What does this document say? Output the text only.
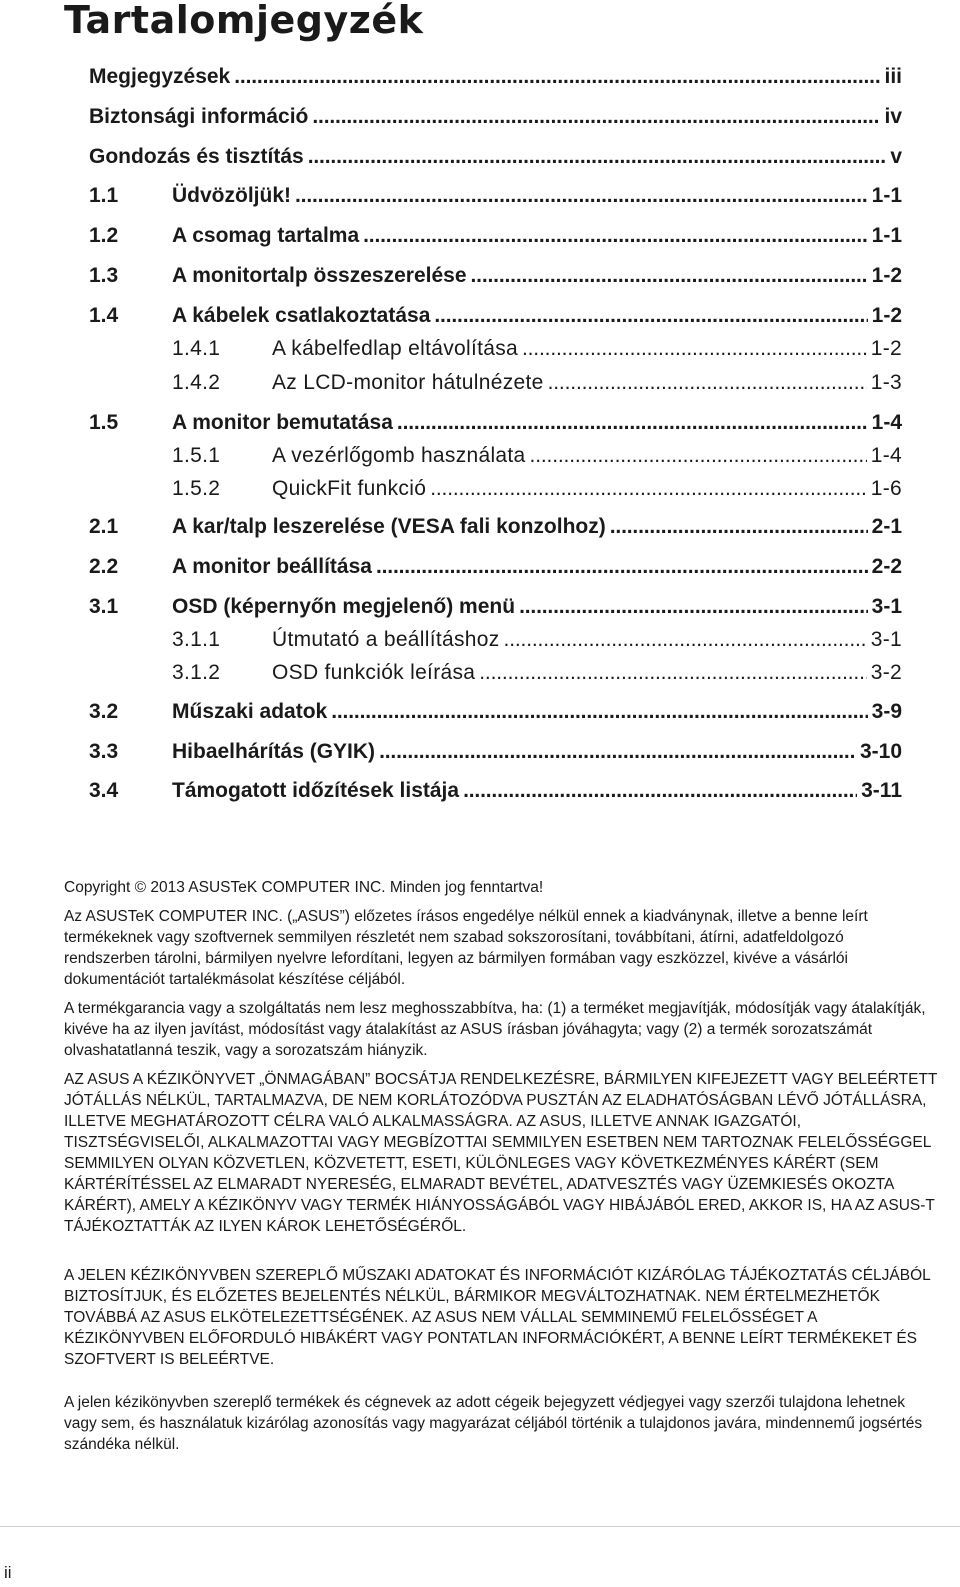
Tartalomjegyzék
Megjegyzések . . .	iii
Biztonsági információ . . .	iv
Gondozás és tisztítás . . .	v
1.1	Üdvözöljük! . . .	1-1
1.2	A csomag tartalma . . .	1-1
1.3	A monitortalp összeszerelése . . .	1-2
1.4	A kábelek csatlakoztatása . . .	1-2
1.4.1	A kábelfedlap eltávolítása . . .	1-2
1.4.2	Az LCD-monitor hátulnézete . . .	1-3
1.5	A monitor bemutatása . . .	1-4
1.5.1	A vezérlőgomb használata . . .	1-4
1.5.2	QuickFit funkció . . .	1-6
2.1	A kar/talp leszerelése (VESA fali konzolhoz) . . .	2-1
2.2	A monitor beállítása . . .	2-2
3.1	OSD (képernyőn megjelenő) menü . . .	3-1
3.1.1	Útmutató a beállításhoz . . .	3-1
3.1.2	OSD funkciók leírása . . .	3-2
3.2	Műszaki adatok . . .	3-9
3.3	Hibaelhárítás (GYIK) . . .	3-10
3.4	Támogatott időzítések listája . . .	3-11
Copyright © 2013 ASUSTeK COMPUTER INC. Minden jog fenntartva!
Az ASUSTeK COMPUTER INC. („ASUS”) előzetes írásos engedélye nélkül ennek a kiadványnak, illetve a benne leírt termékeknek vagy szoftvernek semmilyen részletét nem szabad sokszorosítani, továbbítani, átírni, adatfeldolgozó rendszerben tárolni, bármilyen nyelvre lefordítani, legyen az bármilyen formában vagy eszközzel, kivéve a vásárlói dokumentációt tartalékmásolat készítése céljából.
A termékgarancia vagy a szolgáltatás nem lesz meghosszabbítva, ha: (1) a terméket megjavítják, módosítják vagy átalakítják, kivéve ha az ilyen javítást, módosítást vagy átalakítást az ASUS írásban jóváhagyta; vagy (2) a termék sorozatszámát olvashatatlanná teszik, vagy a sorozatszám hiányzik.
AZ ASUS A KÉZIKÖNYVET „ÖNMAGÁBAN” BOCSÁTJA RENDELKEZÉSRE, BÁRMILYEN KIFEJEZETT VAGY BELEÉRTETT JÓTÁLLÁS NÉLKÜL, TARTALMAZVA, DE NEM KORLÁTOZÓDVA PUSZTÁN AZ ELADHATÓSÁGBAN LÉVŐ JÓTÁLLÁSRA, ILLETVE MEGHATÁROZOTT CÉLRA VALÓ ALKALMASSÁGRA. AZ ASUS, ILLETVE ANNAK IGAZGATÓI, TISZTSÉGVISELŐI, ALKALMAZOTTAI VAGY MEGBÍZOTTAI SEMMILYEN ESETBEN NEM TARTOZNAK FELELŐSSÉGGEL SEMMILYEN OLYAN KÖZVETLEN, KÖZVETETT, ESETI, KÜLÖNLEGES VAGY KÖVETKEZMÉNYES KÁRÉRT (SEM KÁRTÉRÍTÉSSEL AZ ELMARADT NYERESÉG, ELMARADT BEVÉTEL, ADATVESZTÉS VAGY ÜZEMKIESÉS OKOZTA KÁRÉRT), AMELY A KÉZIKÖNYV VAGY TERMÉK HIÁNYOSSÁGÁBÓL VAGY HIBÁJÁBÓL ERED, AKKOR IS, HA AZ ASUS-T TÁJÉKOZTATTÁK AZ ILYEN KÁROK LEHETŐSÉGÉRŐL.
A JELEN KÉZIKÖNYVBEN SZEREPLŐ MŰSZAKI ADATOKAT ÉS INFORMÁCIÓT KIZÁRÓLAG TÁJÉKOZTATÁS CÉLJÁBÓL BIZTOSÍTJUK, ÉS ELŐZETES BEJELENTÉS NÉLKÜL, BÁRMIKOR MEGVÁLTOZHATNAK. NEM ÉRTELMEZHETŐK TOVÁBBÁ AZ ASUS ELKÖTELEZETTSÉGÉNEK. AZ ASUS NEM VÁLLAL SEMMINEMŰ FELELŐSSÉGET A KÉZIKÖNYVBEN ELŐFORDULÓ HIBÁKÉRT VAGY PONTATLAN INFORMÁCIÓKÉRT, A BENNE LEÍRT TERMÉKEKET ÉS SZOFTVERT IS BELEÉRTVE.
A jelen kézikönyvben szereplő termékek és cégnevek az adott cégeik bejegyzett védjegyei vagy szerzői tulajdona lehetnek vagy sem, és használatuk kizárólag azonosítás vagy magyarázat céljából történik a tulajdonos javára, mindennemű jogsértés szándéka nélkül.
ii
